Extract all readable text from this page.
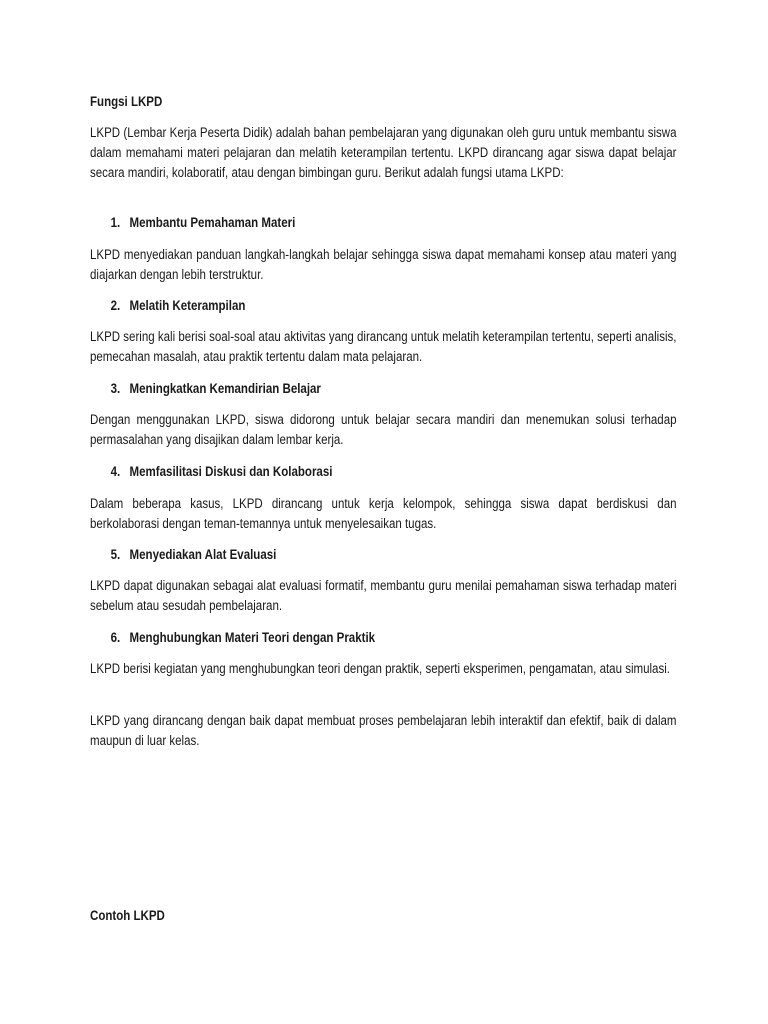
Fungsi LKPD
LKPD (Lembar Kerja Peserta Didik) adalah bahan pembelajaran yang digunakan oleh guru untuk membantu siswa dalam memahami materi pelajaran dan melatih keterampilan tertentu. LKPD dirancang agar siswa dapat belajar secara mandiri, kolaboratif, atau dengan bimbingan guru. Berikut adalah fungsi utama LKPD:
1. Membantu Pemahaman Materi
LKPD menyediakan panduan langkah-langkah belajar sehingga siswa dapat memahami konsep atau materi yang diajarkan dengan lebih terstruktur.
2. Melatih Keterampilan
LKPD sering kali berisi soal-soal atau aktivitas yang dirancang untuk melatih keterampilan tertentu, seperti analisis, pemecahan masalah, atau praktik tertentu dalam mata pelajaran.
3. Meningkatkan Kemandirian Belajar
Dengan menggunakan LKPD, siswa didorong untuk belajar secara mandiri dan menemukan solusi terhadap permasalahan yang disajikan dalam lembar kerja.
4. Memfasilitasi Diskusi dan Kolaborasi
Dalam beberapa kasus, LKPD dirancang untuk kerja kelompok, sehingga siswa dapat berdiskusi dan berkolaborasi dengan teman-temannya untuk menyelesaikan tugas.
5. Menyediakan Alat Evaluasi
LKPD dapat digunakan sebagai alat evaluasi formatif, membantu guru menilai pemahaman siswa terhadap materi sebelum atau sesudah pembelajaran.
6. Menghubungkan Materi Teori dengan Praktik
LKPD berisi kegiatan yang menghubungkan teori dengan praktik, seperti eksperimen, pengamatan, atau simulasi.
LKPD yang dirancang dengan baik dapat membuat proses pembelajaran lebih interaktif dan efektif, baik di dalam maupun di luar kelas.
Contoh LKPD
